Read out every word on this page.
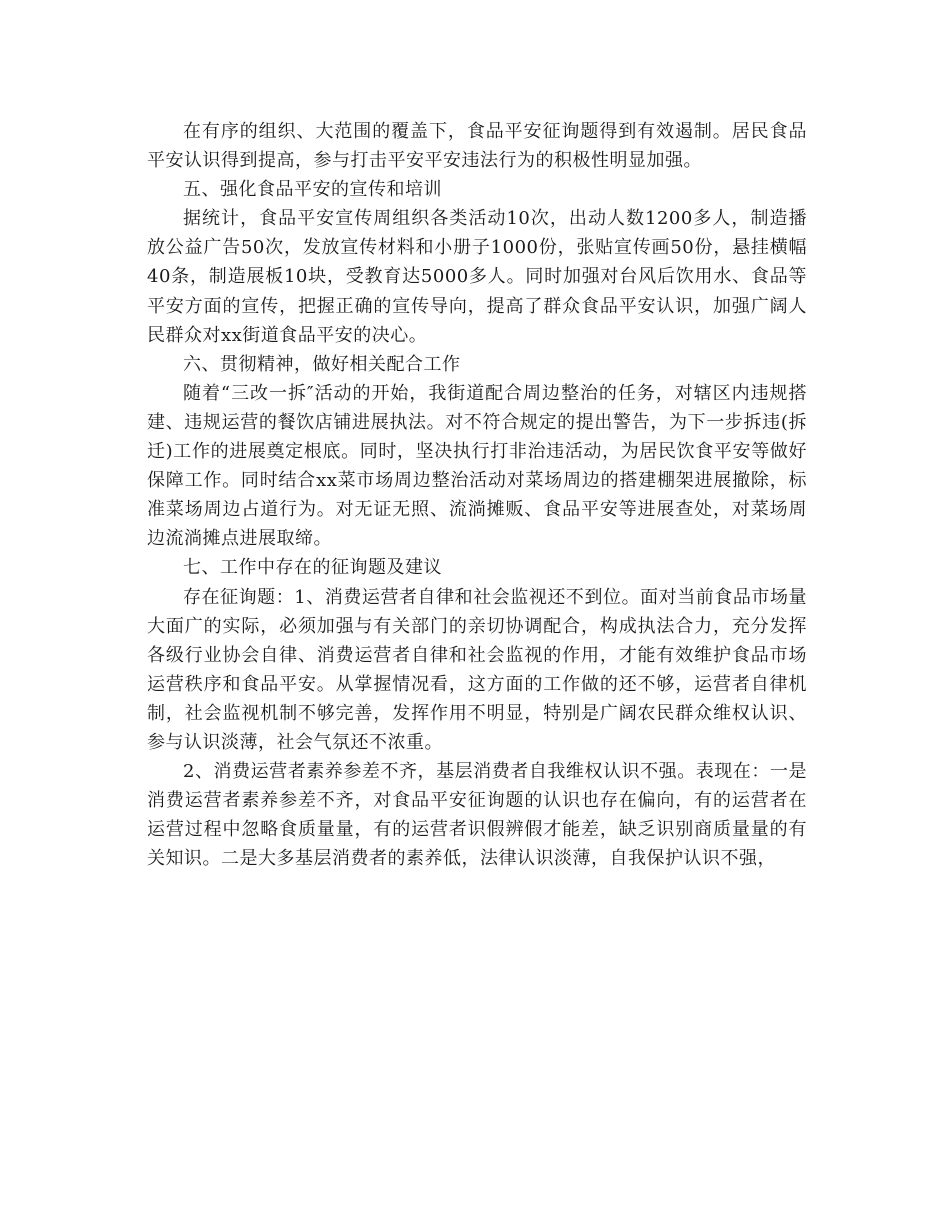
在有序的组织、大范围的覆盖下，食品平安征询题得到有效遏制。居民食品平安认识得到提高，参与打击平安平安违法行为的积极性明显加强。

五、强化食品平安的宣传和培训

据统计，食品平安宣传周组织各类活动10次，出动人数1200多人，制造播放公益广告50次，发放宣传材料和小册子1000份，张贴宣传画50份，悬挂横幅40条，制造展板10块，受教育达5000多人。同时加强对台风后饮用水、食品等平安方面的宣传，把握正确的宣传导向，提高了群众食品平安认识，加强广阔人民群众对xx街道食品平安的决心。

六、贯彻精神，做好相关配合工作

随着“三改一拆″活动的开始，我街道配合周边整治的任务，对辖区内违规搭建、违规运营的餐饮店铺进展执法。对不符合规定的提出警告，为下一步拆违(拆迁)工作的进展奠定根底。同时，坚决执行打非治违活动，为居民饮食平安等做好保障工作。同时结合xx菜市场周边整治活动对菜场周边的搭建棚架进展撤除，标准菜场周边占道行为。对无证无照、流淌摊贩、食品平安等进展查处，对菜场周边流淌摊点进展取缔。

七、工作中存在的征询题及建议

存在征询题：1、消费运营者自律和社会监视还不到位。面对当前食品市场量大面广的实际，必须加强与有关部门的亲切协调配合，构成执法合力，充分发挥各级行业协会自律、消费运营者自律和社会监视的作用，才能有效维护食品市场运营秩序和食品平安。从掌握情况看，这方面的工作做的还不够，运营者自律机制，社会监视机制不够完善，发挥作用不明显，特别是广阔农民群众维权认识、参与认识淡薄，社会气氛还不浓重。

2、消费运营者素养参差不齐，基层消费者自我维权认识不强。表现在：一是消费运营者素养参差不齐，对食品平安征询题的认识也存在偏向，有的运营者在运营过程中忽略食质量量，有的运营者识假辨假才能差，缺乏识别商质量量的有关知识。二是大多基层消费者的素养低，法律认识淡薄，自我保护认识不强，
